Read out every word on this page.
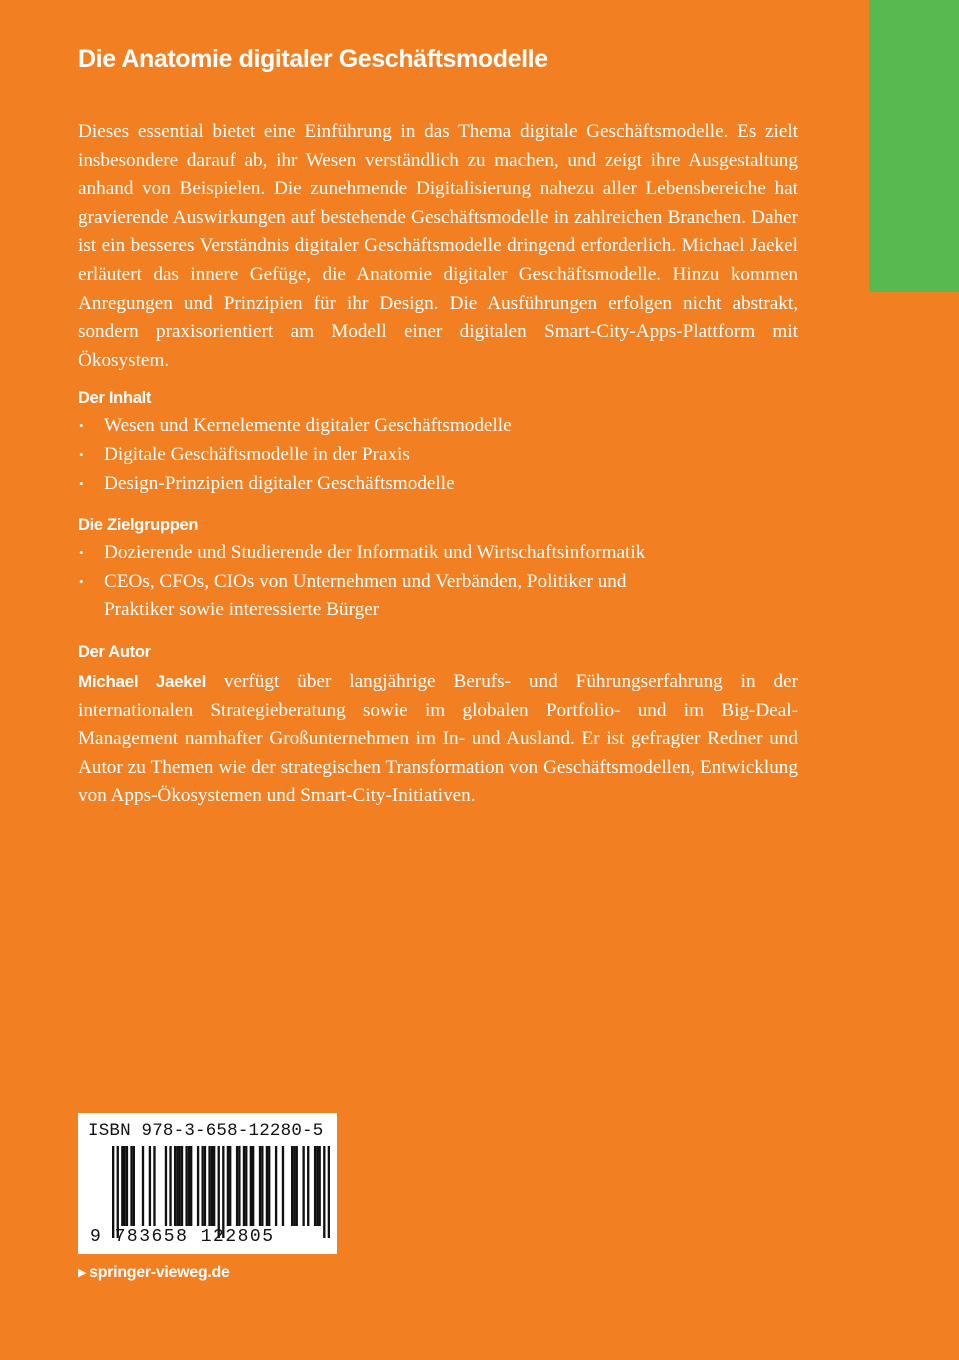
Die Anatomie digitaler Geschäftsmodelle

Dieses essential bietet eine Einführung in das Thema digitale Geschäftsmodelle. Es zielt insbesondere darauf ab, ihr Wesen verständlich zu machen, und zeigt ihre Ausgestaltung anhand von Beispielen. Die zunehmende Digitalisierung nahezu aller Lebensbereiche hat gravierende Auswirkungen auf bestehende Geschäftsmodelle in zahlreichen Branchen. Daher ist ein besseres Verständnis digitaler Geschäftsmodelle dringend erforderlich. Michael Jaekel erläutert das innere Gefüge, die Anatomie digitaler Geschäftsmodelle. Hinzu kommen Anregungen und Prinzipien für ihr Design. Die Ausführungen erfolgen nicht abstrakt, sondern praxisorientiert am Modell einer digitalen Smart-City-Apps-Plattform mit Ökosystem.

Der Inhalt
• Wesen und Kernelemente digitaler Geschäftsmodelle
• Digitale Geschäftsmodelle in der Praxis
• Design-Prinzipien digitaler Geschäftsmodelle
Die Zielgruppen
• Dozierende und Studierende der Informatik und Wirtschaftsinformatik
• CEOs, CFOs, CIOs von Unternehmen und Verbänden, Politiker und Praktiker sowie interessierte Bürger
Der Autor

Michael Jaekel verfügt über langjährige Berufs- und Führungserfahrung in der internationalen Strategieberatung sowie im globalen Portfolio- und im Big-Deal-Management namhafter Großunternehmen im In- und Ausland. Er ist gefragter Redner und Autor zu Themen wie der strategischen Transformation von Geschäftsmodellen, Entwicklung von Apps-Ökosystemen und Smart-City-Initiativen.

ISBN 978-3-658-12280-5
9 783658 122805
▶ springer-vieweg.de
